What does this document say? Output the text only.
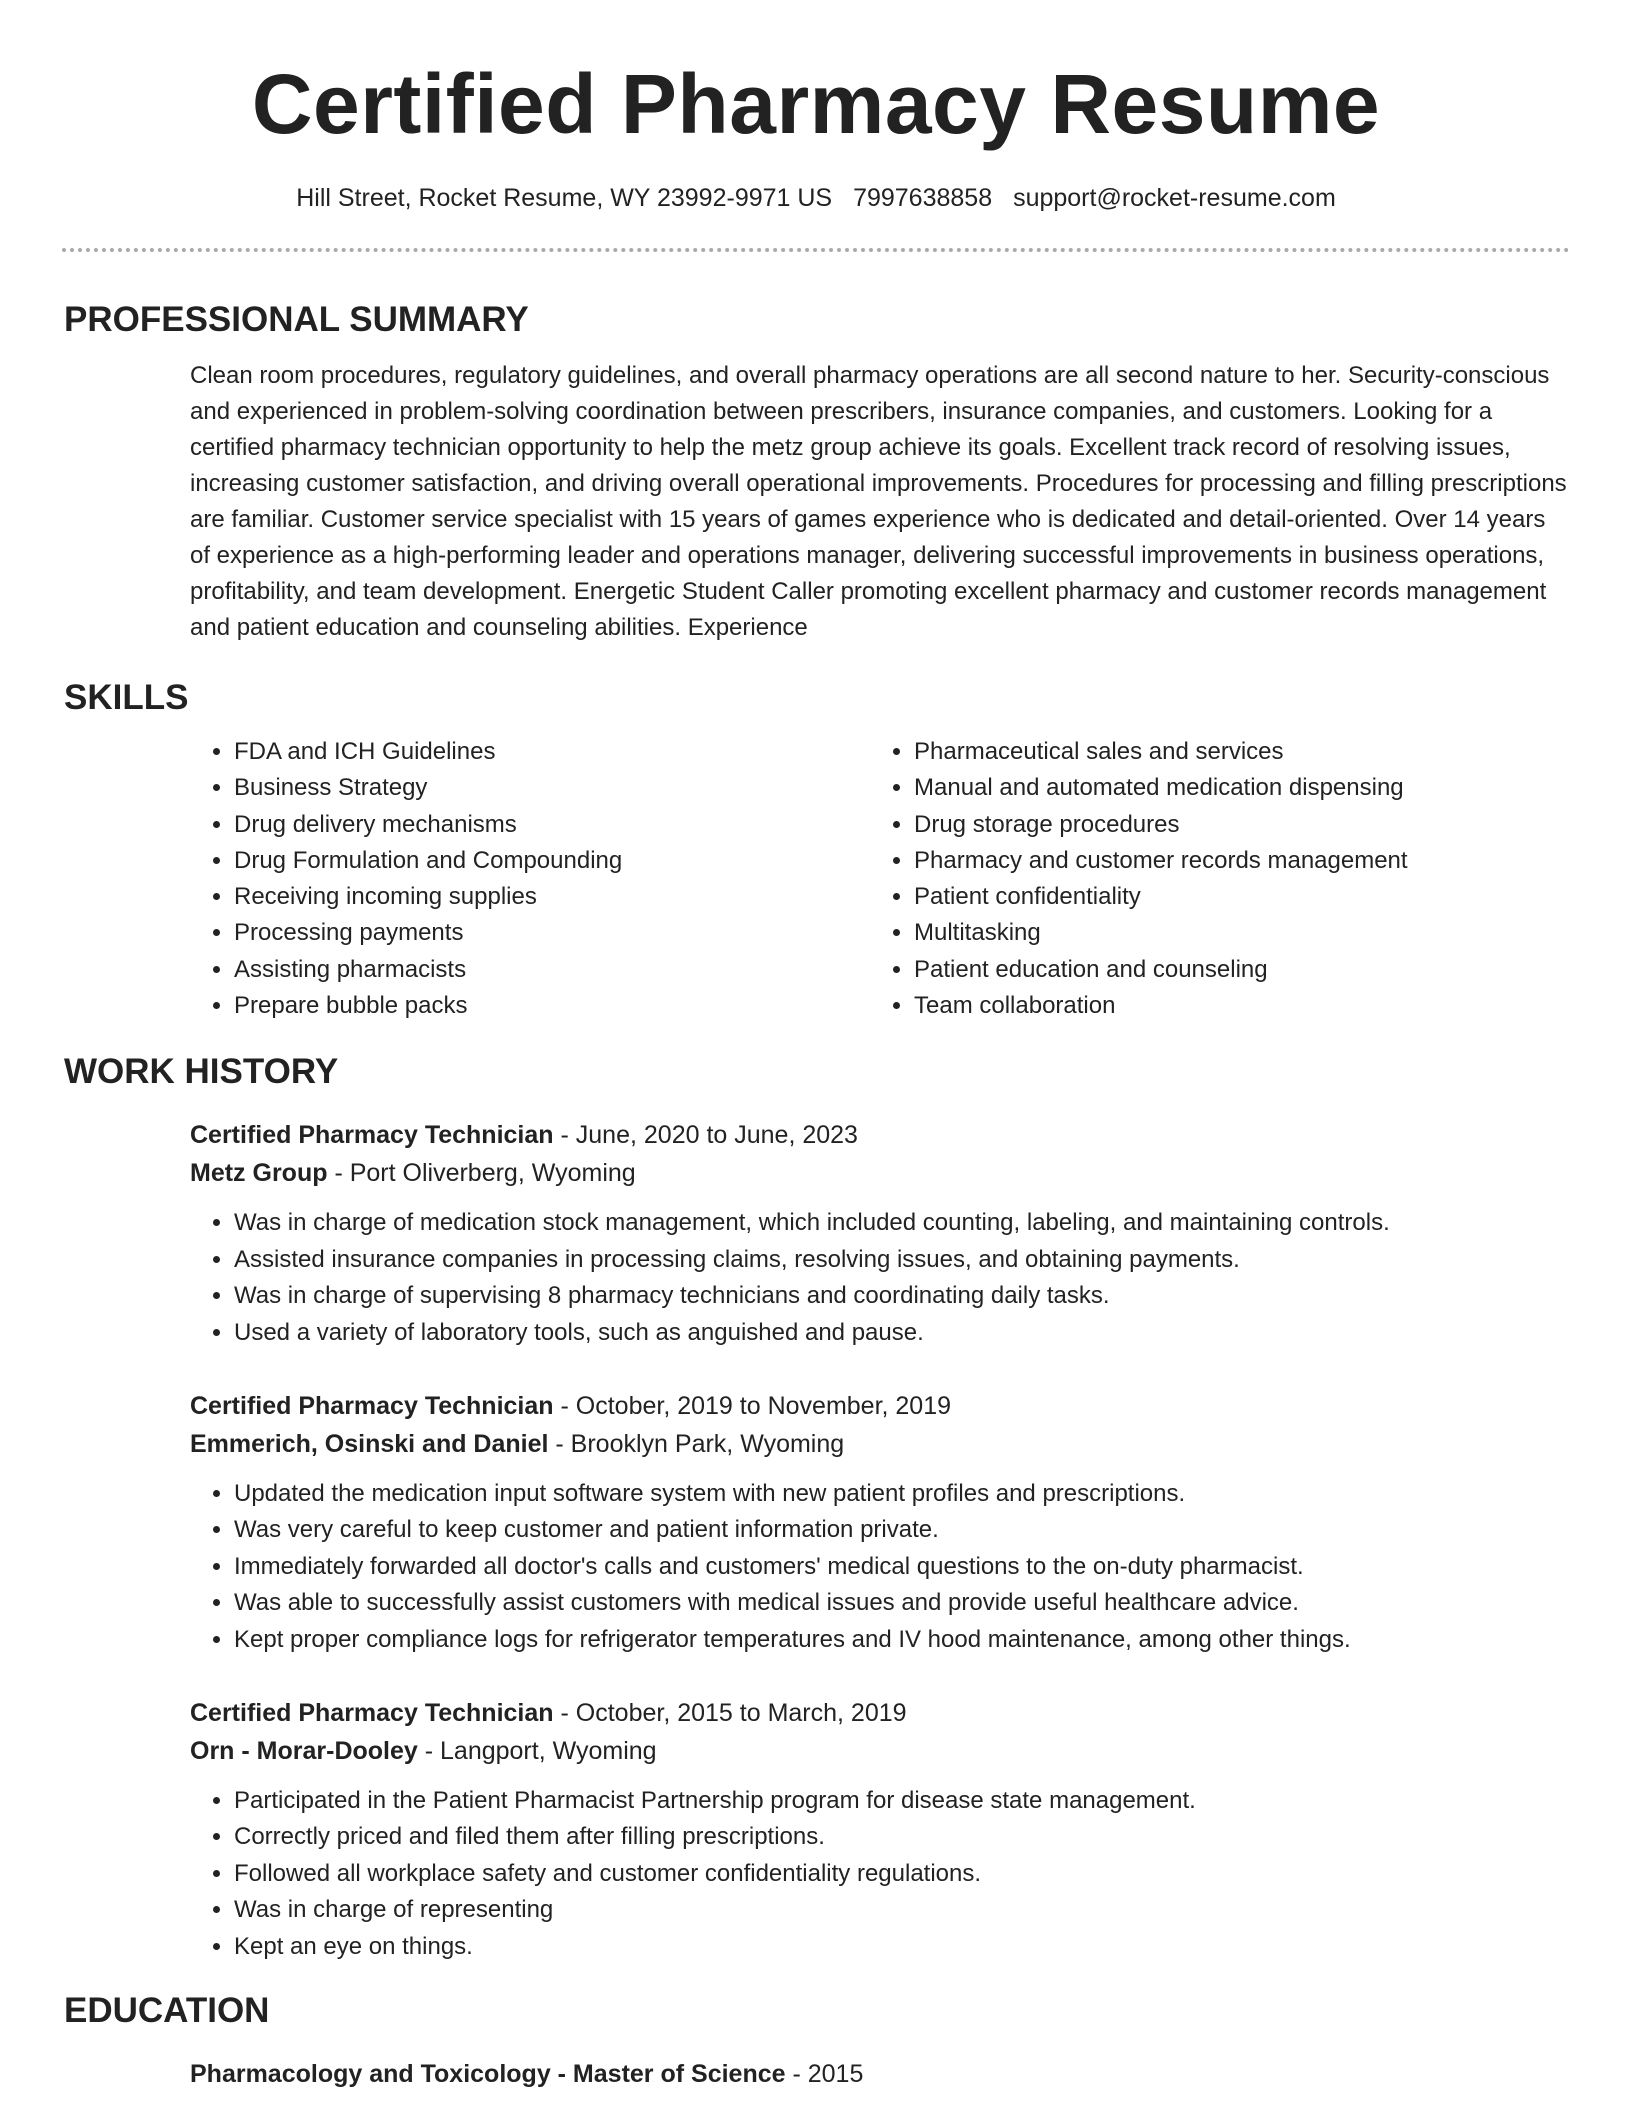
Certified Pharmacy Resume
Hill Street, Rocket Resume, WY 23992-9971 US 7997638858 support@rocket-resume.com
PROFESSIONAL SUMMARY

Clean room procedures, regulatory guidelines, and overall pharmacy operations are all second nature to her. Security-conscious and experienced in problem-solving coordination between prescribers, insurance companies, and customers. Looking for a certified pharmacy technician opportunity to help the metz group achieve its goals. Excellent track record of resolving issues, increasing customer satisfaction, and driving overall operational improvements. Procedures for processing and filling prescriptions are familiar. Customer service specialist with 15 years of games experience who is dedicated and detail-oriented. Over 14 years of experience as a high-performing leader and operations manager, delivering successful improvements in business operations, profitability, and team development. Energetic Student Caller promoting excellent pharmacy and customer records management and patient education and counseling abilities. Experience

SKILLS
• FDA and ICH Guidelines
• Business Strategy
• Drug delivery mechanisms
• Drug Formulation and Compounding
• Receiving incoming supplies
• Processing payments
• Assisting pharmacists
• Prepare bubble packs
• Pharmaceutical sales and services
• Manual and automated medication dispensing
• Drug storage procedures
• Pharmacy and customer records management
• Patient confidentiality
• Multitasking
• Patient education and counseling
• Team collaboration
WORK HISTORY
Certified Pharmacy Technician - June, 2020 to June, 2023
Metz Group - Port Oliverberg, Wyoming
• Was in charge of medication stock management, which included counting, labeling, and maintaining controls.
• Assisted insurance companies in processing claims, resolving issues, and obtaining payments.
• Was in charge of supervising 8 pharmacy technicians and coordinating daily tasks.
• Used a variety of laboratory tools, such as anguished and pause.
Certified Pharmacy Technician - October, 2019 to November, 2019
Emmerich, Osinski and Daniel - Brooklyn Park, Wyoming
• Updated the medication input software system with new patient profiles and prescriptions.
• Was very careful to keep customer and patient information private.
• Immediately forwarded all doctor's calls and customers' medical questions to the on-duty pharmacist.
• Was able to successfully assist customers with medical issues and provide useful healthcare advice.
• Kept proper compliance logs for refrigerator temperatures and IV hood maintenance, among other things.
Certified Pharmacy Technician - October, 2015 to March, 2019
Orn - Morar-Dooley - Langport, Wyoming
• Participated in the Patient Pharmacist Partnership program for disease state management.
• Correctly priced and filed them after filling prescriptions.
• Followed all workplace safety and customer confidentiality regulations.
• Was in charge of representing
• Kept an eye on things.
EDUCATION
Pharmacology and Toxicology - Master of Science - 2015
